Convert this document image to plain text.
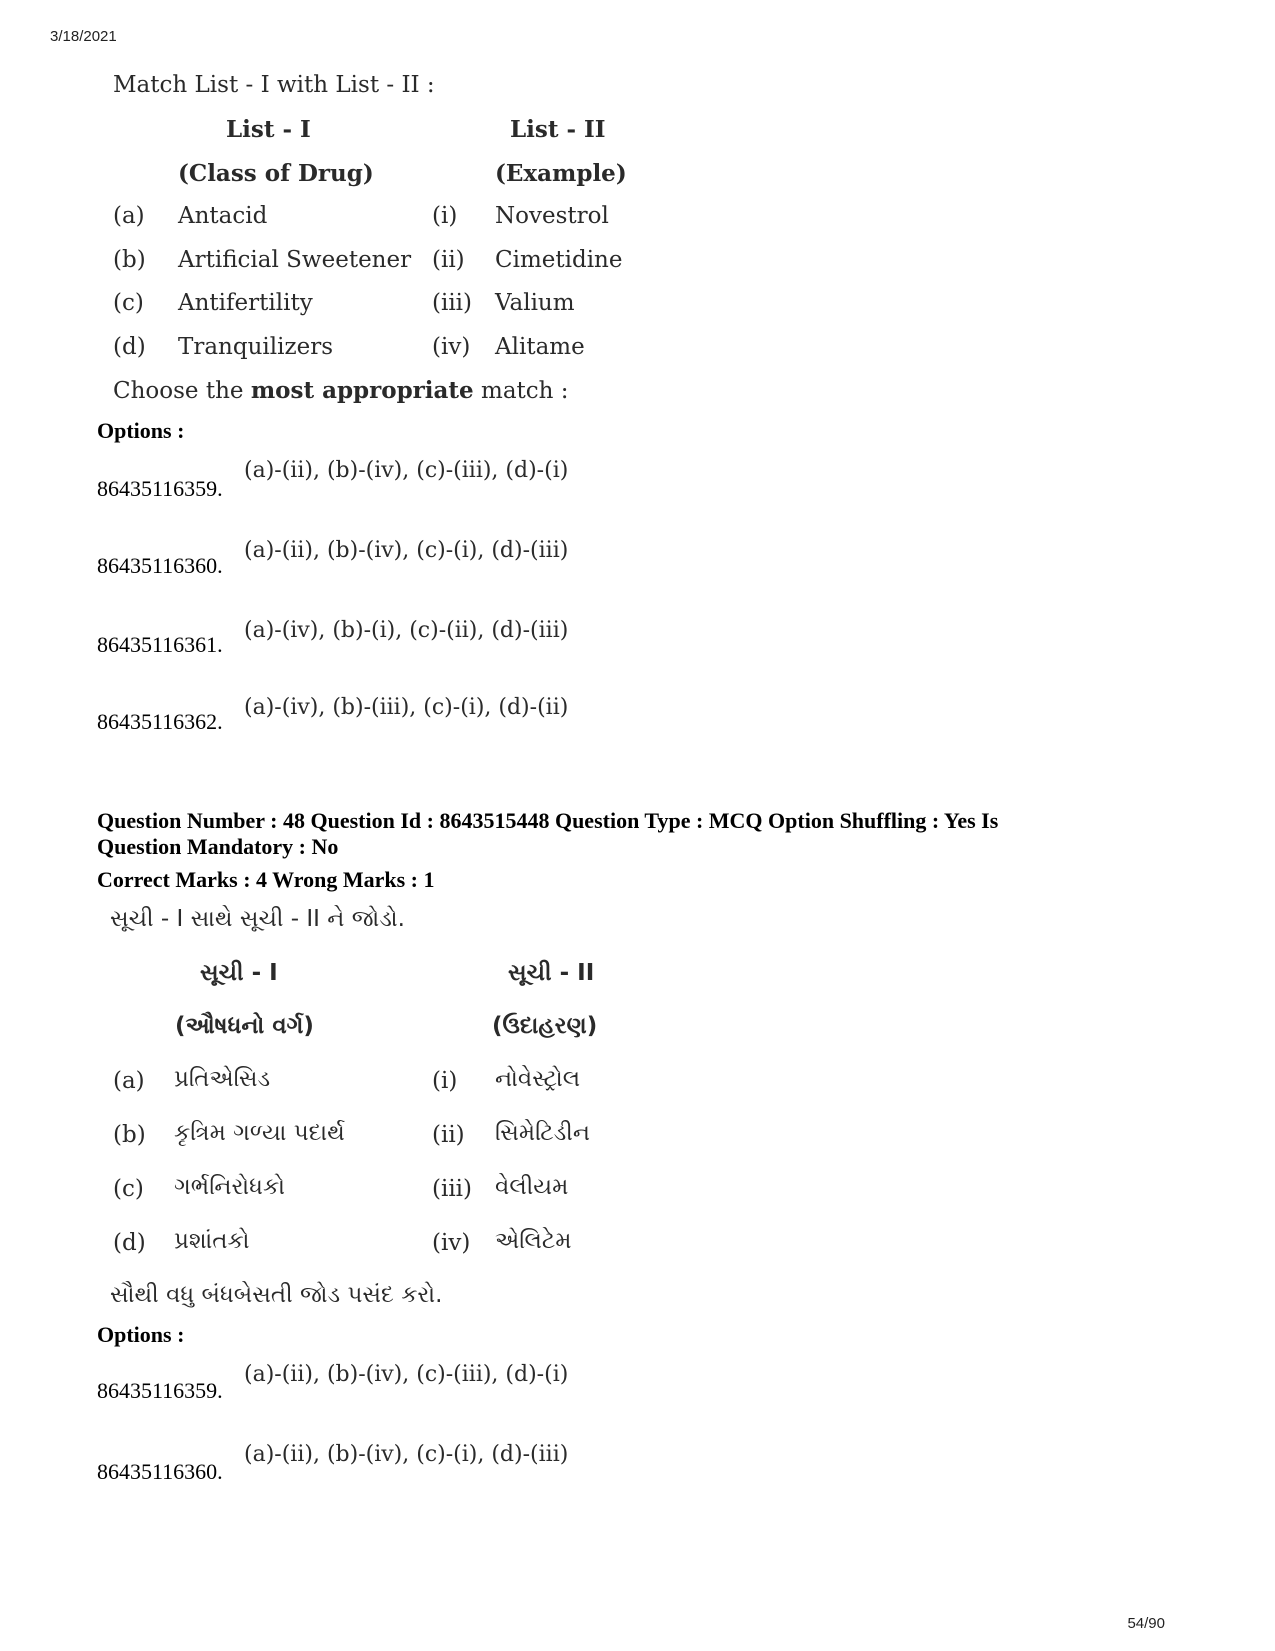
3/18/2021
54/90
Match List - I with List - II :
List - I	List - II
(Class of Drug)	(Example)
(a) Antacid	(i) Novestrol
(b) Artificial Sweetener (ii) Cimetidine
(c) Antifertility	(iii) Valium
(d) Tranquilizers	(iv) Alitame
Choose the most appropriate match :
Options :
86435116359.
(a)-(ii), (b)-(iv), (c)-(iii), (d)-(i)
86435116360.
(a)-(ii), (b)-(iv), (c)-(i), (d)-(iii)
86435116361.
(a)-(iv), (b)-(i), (c)-(ii), (d)-(iii)
86435116362.
(a)-(iv), (b)-(iii), (c)-(i), (d)-(ii)
Question Number : 48 Question Id : 8643515448 Question Type : MCQ Option Shuffling : Yes Is
Question Mandatory : No
Correct Marks : 4 Wrong Marks : 1
સૂચી - I સાથે સૂચી - II ને જોડો.
સૂચી - I	સૂચી - II
(ઔષધનો વર્ગ)	(ઉદાહરણ)
(a) પ્રતિએસિડ	(i) નોવેસ્ટ્રોલ
(b) કૃત્રિમ ગળ્યા પદાર્થ	(ii) સિમેટિડીન
(c) ગર્ભનિરોધકો	(iii) વેલીયમ
(d) પ્રશાંતકો	(iv) એલિટેમ
સૌથી વધુ બંધબેસતી જોડ પસંદ કરો.
Options :
86435116359.
(a)-(ii), (b)-(iv), (c)-(iii), (d)-(i)
86435116360.
(a)-(ii), (b)-(iv), (c)-(i), (d)-(iii)
